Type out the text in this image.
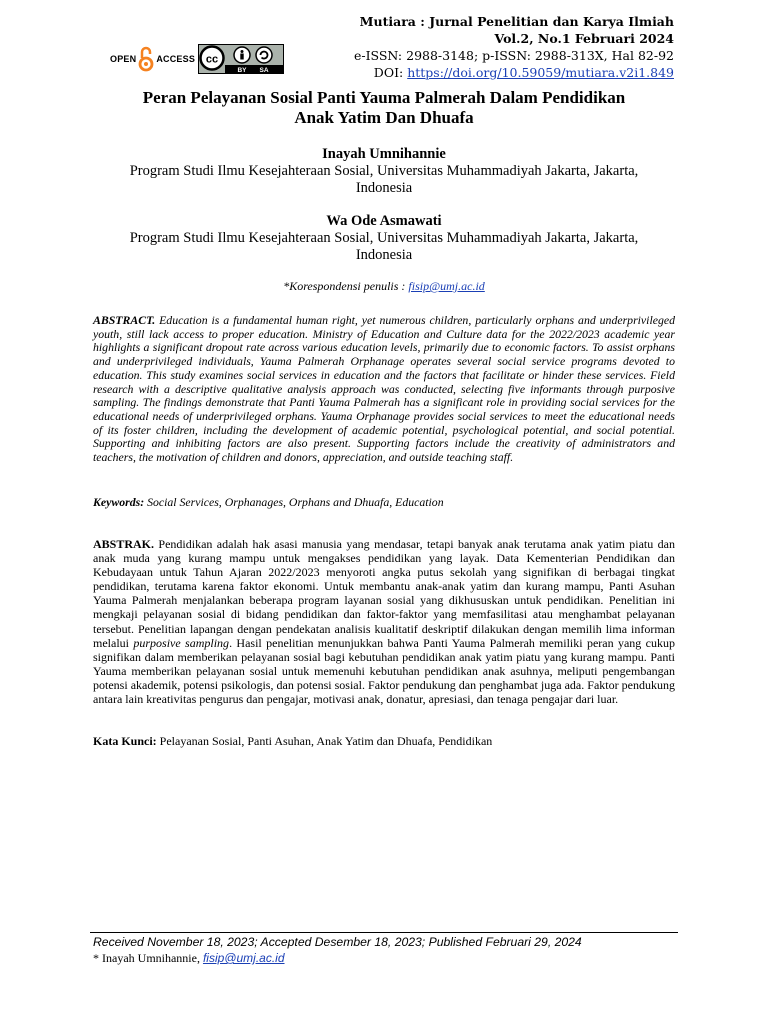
OPEN ACCESS cc
BY SA
Mutiara : Jurnal Penelitian dan Karya Ilmiah
Vol.2, No.1 Februari 2024
e-ISSN: 2988-3148; p-ISSN: 2988-313X, Hal 82-92
DOI: https://doi.org/10.59059/mutiara.v2i1.849
Peran Pelayanan Sosial Panti Yauma Palmerah Dalam Pendidikan
Anak Yatim Dan Dhuafa
Inayah Umnihannie
Program Studi Ilmu Kesejahteraan Sosial, Universitas Muhammadiyah Jakarta, Jakarta,
Indonesia
Wa Ode Asmawati
Program Studi Ilmu Kesejahteraan Sosial, Universitas Muhammadiyah Jakarta, Jakarta,
Indonesia
*Korespondensi penulis : fisip@umj.ac.id
ABSTRACT. Education is a fundamental human right, yet numerous children, particularly orphans and underprivileged youth, still lack access to proper education. Ministry of Education and Culture data for the 2022/2023 academic year highlights a significant dropout rate across various education levels, primarily due to economic factors. To assist orphans and underprivileged individuals, Yauma Palmerah Orphanage operates several social service programs devoted to education. This study examines social services in education and the factors that facilitate or hinder these services. Field research with a descriptive qualitative analysis approach was conducted, selecting five informants through purposive sampling. The findings demonstrate that Panti Yauma Palmerah has a significant role in providing social services for the educational needs of underprivileged orphans. Yauma Orphanage provides social services to meet the educational needs of its foster children, including the development of academic potential, psychological potential, and social potential. Supporting and inhibiting factors are also present. Supporting factors include the creativity of administrators and teachers, the motivation of children and donors, appreciation, and outside teaching staff.
Keywords: Social Services, Orphanages, Orphans and Dhuafa, Education
ABSTRAK. Pendidikan adalah hak asasi manusia yang mendasar, tetapi banyak anak terutama anak yatim piatu dan anak muda yang kurang mampu untuk mengakses pendidikan yang layak. Data Kementerian Pendidikan dan Kebudayaan untuk Tahun Ajaran 2022/2023 menyoroti angka putus sekolah yang signifikan di berbagai tingkat pendidikan, terutama karena faktor ekonomi. Untuk membantu anak-anak yatim dan kurang mampu, Panti Asuhan Yauma Palmerah menjalankan beberapa program layanan sosial yang dikhususkan untuk pendidikan. Penelitian ini mengkaji pelayanan sosial di bidang pendidikan dan faktor-faktor yang memfasilitasi atau menghambat pelayanan tersebut. Penelitian lapangan dengan pendekatan analisis kualitatif deskriptif dilakukan dengan memilih lima informan melalui purposive sampling. Hasil penelitian menunjukkan bahwa Panti Yauma Palmerah memiliki peran yang cukup signifikan dalam memberikan pelayanan sosial bagi kebutuhan pendidikan anak yatim piatu yang kurang mampu. Panti Yauma memberikan pelayanan sosial untuk memenuhi kebutuhan pendidikan anak asuhnya, meliputi pengembangan potensi akademik, potensi psikologis, dan potensi sosial. Faktor pendukung dan penghambat juga ada. Faktor pendukung antara lain kreativitas pengurus dan pengajar, motivasi anak, donatur, apresiasi, dan tenaga pengajar dari luar.
Kata Kunci: Pelayanan Sosial, Panti Asuhan, Anak Yatim dan Dhuafa, Pendidikan
Received November 18, 2023; Accepted Desember 18, 2023; Published Februari 29, 2024
* Inayah Umnihannie, fisip@umj.ac.id
